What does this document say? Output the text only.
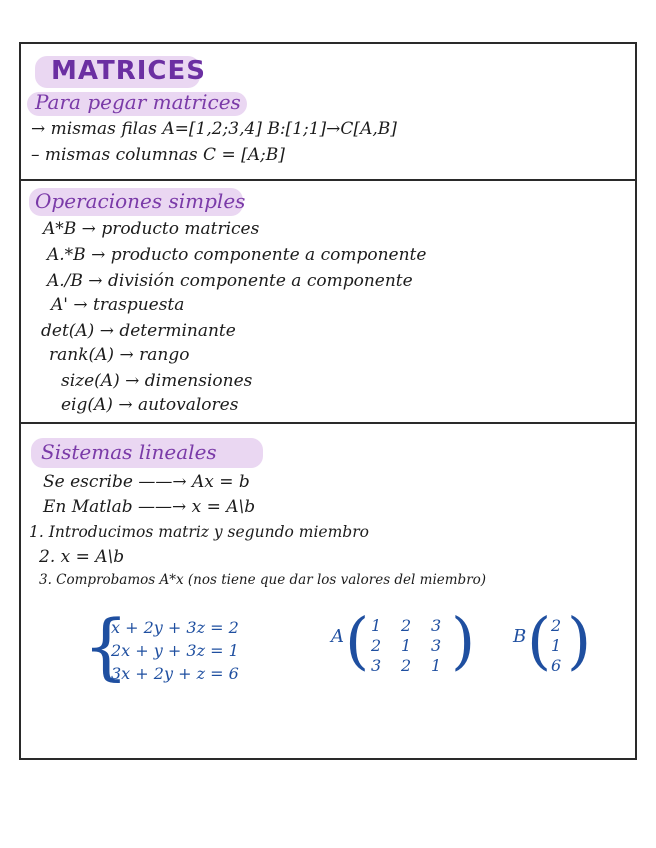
MATRICES
Para pegar matrices
→ mismas filas A=[1,2;3,4] B:[1;1]→C[A,B]
– mismas columnas C = [A;B]
Operaciones simples
A*B → producto matrices
A.*B → producto componente a componente
A./B → división componente a componente
A' → traspuesta
det(A) → determinante
rank(A) → rango
size(A) → dimensiones
eig(A) → autovalores
Sistemas lineales
Se escribe ——→ Ax = b
En Matlab ——→ x = A\b
1. Introducimos matriz y segundo miembro
2. x = A\b
3. Comprobamos A*x (nos tiene que dar los valores del miembro)
{
x + 2y + 3z = 2
2x + y + 3z = 1
3x + 2y + z = 6
A ( 1 2 3
2 1 3
3 2 1 ) B ( 2
1
6 )
